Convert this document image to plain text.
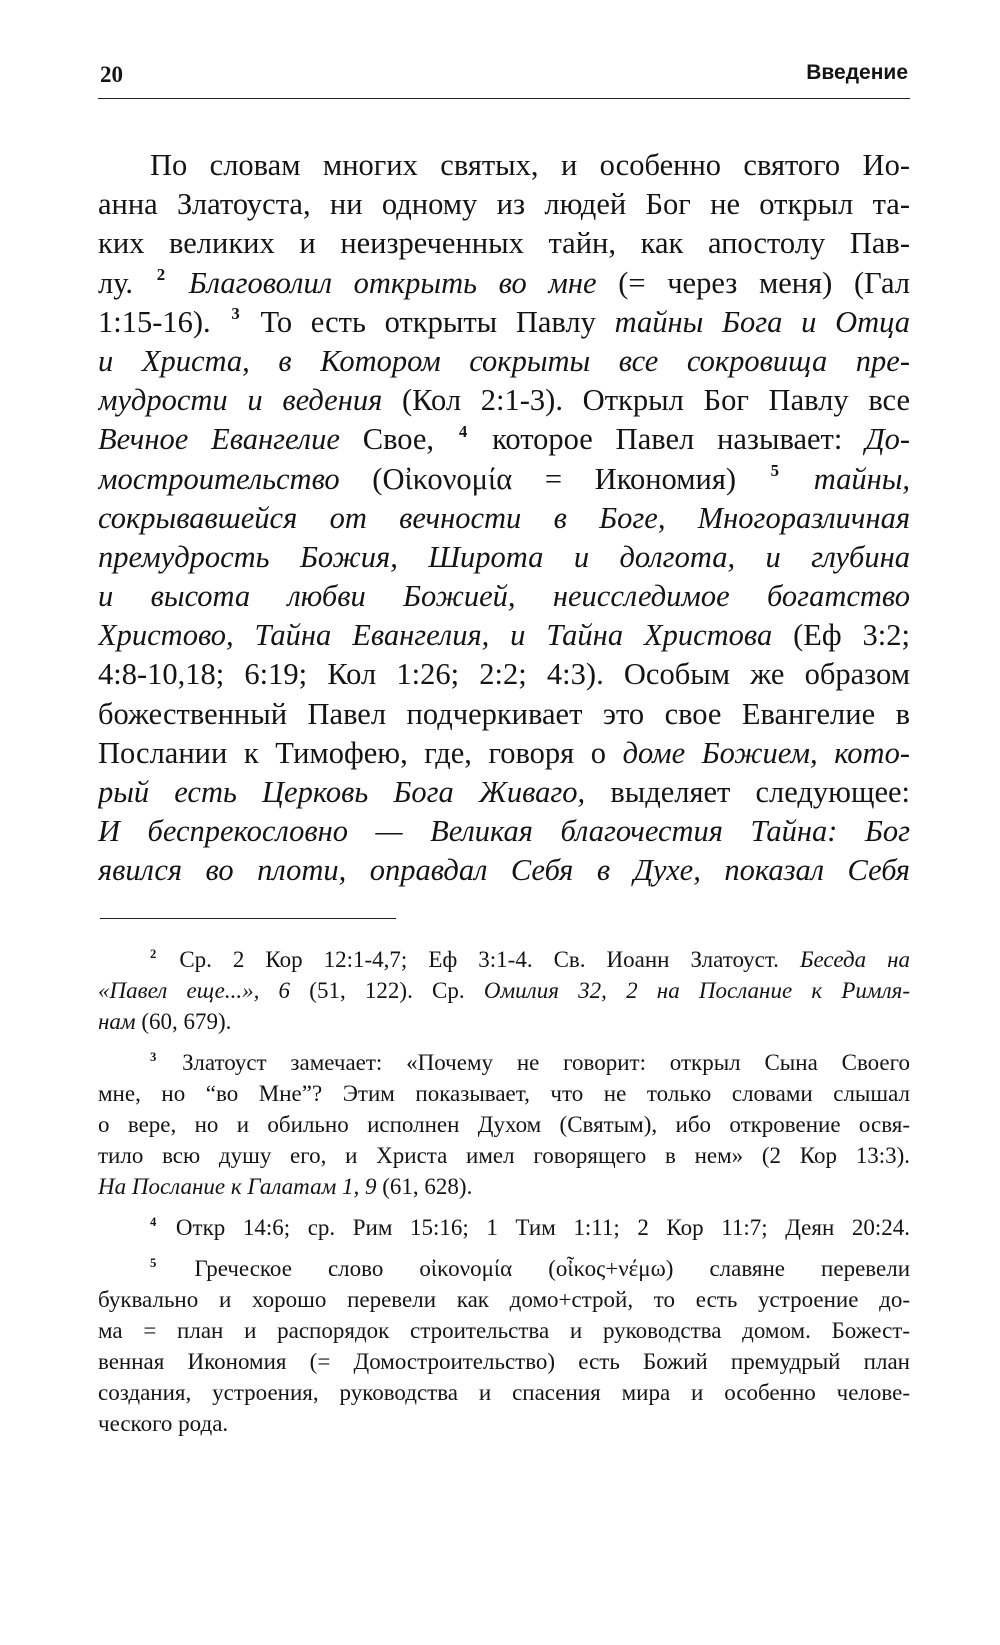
20	Введение
По словам многих святых, и особенно святого Ио-
анна Златоуста, ни одному из людей Бог не открыл та-
ких великих и неизреченных тайн, как апостолу Пав-
лу. $^2$ Благоволил открыть во мне (= через меня) (Гал
1:15-16). $^3$ То есть открыты Павлу тайны Бога и Отца
и Христа, в Котором сокрыты все сокровища пре-
мудрости и ведения (Кол 2:1-3). Открыл Бог Павлу все
Вечное Евангелие Свое, $^4$ которое Павел называет: До-
мостроительство (Οἰκονομία = Икономия) $^5$ тайны,
сокрывавшейся от вечности в Боге, Многоразличная
премудрость Божия, Широта и долгота, и глубина
и высота любви Божией, неисследимое богатство
Христово, Тайна Евангелия, и Тайна Христова (Еф 3:2;
4:8-10,18; 6:19; Кол 1:26; 2:2; 4:3). Особым же образом
божественный Павел подчеркивает это свое Евангелие в
Послании к Тимофею, где, говоря о доме Божием, кото-
рый есть Церковь Бога Живаго, выделяет следующее:
И беспрекословно — Великая благочестия Тайна: Бог
явился во плоти, оправдал Себя в Духе, показал Себя
$^2$ Ср. 2 Кор 12:1-4,7; Еф 3:1-4. Св. Иоанн Златоуст. Беседа на
«Павел еще...», 6 (51, 122). Ср. Омилия 32, 2 на Послание к Римля-
нам (60, 679).
$^3$ Златоуст замечает: «Почему не говорит: открыл Сына Своего
мне, но “во Мне”? Этим показывает, что не только словами слышал
о вере, но и обильно исполнен Духом (Святым), ибо откровение освя-
тило всю душу его, и Христа имел говорящего в нем» (2 Кор 13:3).
На Послание к Галатам 1, 9 (61, 628).
$^4$ Откр 14:6; ср. Рим 15:16; 1 Тим 1:11; 2 Кор 11:7; Деян 20:24.
$^5$ Греческое слово οἰκονομία (οἶκος+νέμω) славяне перевели
буквально и хорошо перевели как домо+строй, то есть устроение до-
ма = план и распорядок строительства и руководства домом. Божест-
венная Икономия (= Домостроительство) есть Божий премудрый план
создания, устроения, руководства и спасения мира и особенно челове-
ческого рода.
